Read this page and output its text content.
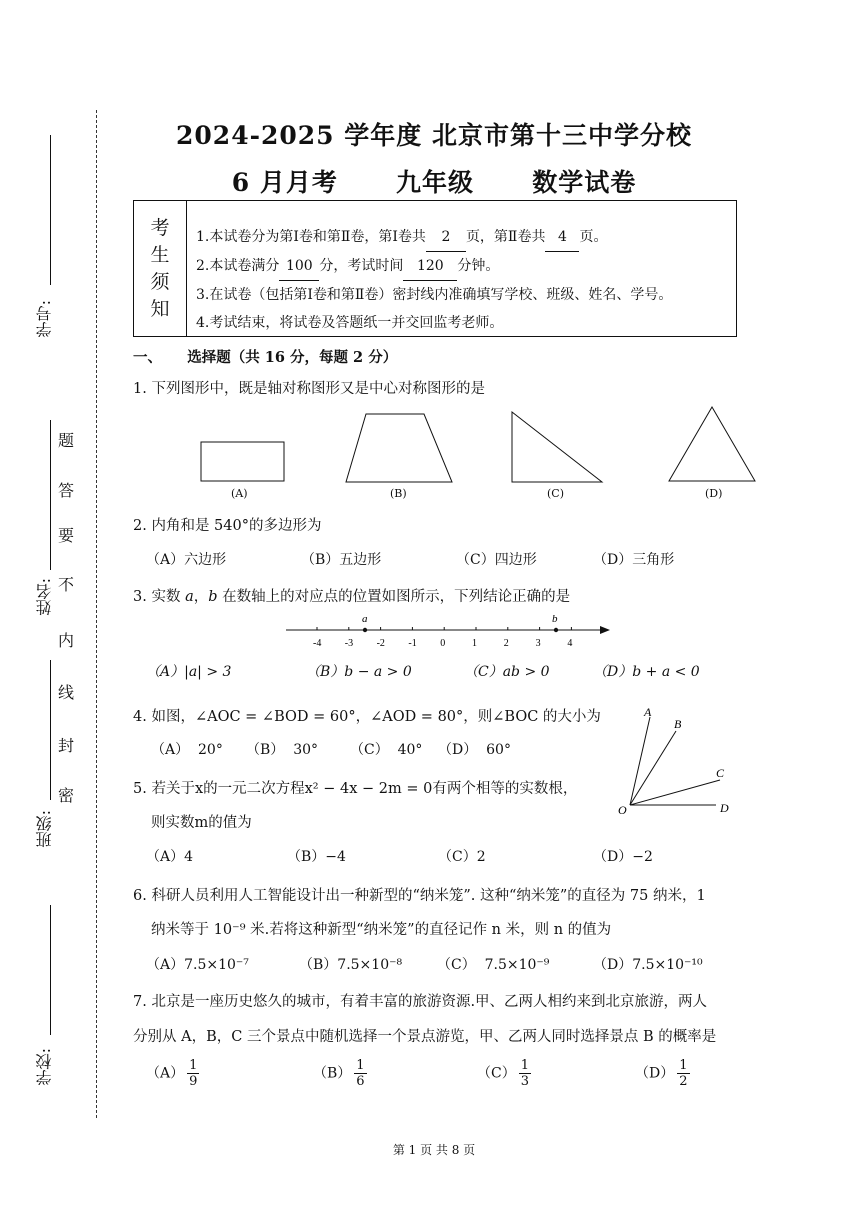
学号:
姓名:
班级:
学校:
题
答
要
不
内
线
封
密
2024-2025 学年度 北京市第十三中学分校
6 月月考      九年级      数学试卷
考
生
须
知
1.本试卷分为第Ⅰ卷和第Ⅱ卷，第Ⅰ卷共 2 页，第Ⅱ卷共 4 页。
2.本试卷满分 100 分，考试时间 120 分钟。
3.在试卷（包括第Ⅰ卷和第Ⅱ卷）密封线内准确填写学校、班级、姓名、学号。
4.考试结束，将试卷及答题纸一并交回监考老师。
一、     选择题（共 16 分，每题 2 分）
1. 下列图形中，既是轴对称图形又是中心对称图形的是
(A)	(B)	(C)	(D)
2. 内角和是 540°的多边形为
（A）六边形	（B）五边形	（C）四边形	（D）三角形
3. 实数 a，b 在数轴上的对应点的位置如图所示，下列结论正确的是
-4 -3 -2 -1 0	1	2	3	4
a	b
（A）|a| > 3	（B）b − a > 0	（C）ab > 0	（D）b + a < 0
4. 如图，∠AOC = ∠BOD = 60°，∠AOD = 80°，则∠BOC 的大小为
（A）  20° （B）  30° （C）  40° （D）  60°
A
B
C
O	D
5. 若关于x的一元二次方程x² − 4x − 2m = 0有两个相等的实数根，
则实数m的值为
（A）4	（B）−4	（C）2	（D）−2
6. 科研人员利用人工智能设计出一种新型的“纳米笼”. 这种“纳米笼”的直径为 75 纳米，1
纳米等于 10⁻⁹ 米.若将这种新型“纳米笼”的直径记作 n 米，则 n 的值为
（A）7.5×10⁻⁷	（B）7.5×10⁻⁸ （C）  7.5×10⁻⁹	（D）7.5×10⁻¹⁰
7. 北京是一座历史悠久的城市，有着丰富的旅游资源.甲、乙两人相约来到北京旅游，两人
分别从 A，B，C 三个景点中随机选择一个景点游览，甲、乙两人同时选择景点 B 的概率是
$(A) \frac{1}{9}$	$(B) \frac{1}{6}$	$(C) \frac{1}{3}$	$(D) \frac{1}{2}$
第 1 页 共 8 页
